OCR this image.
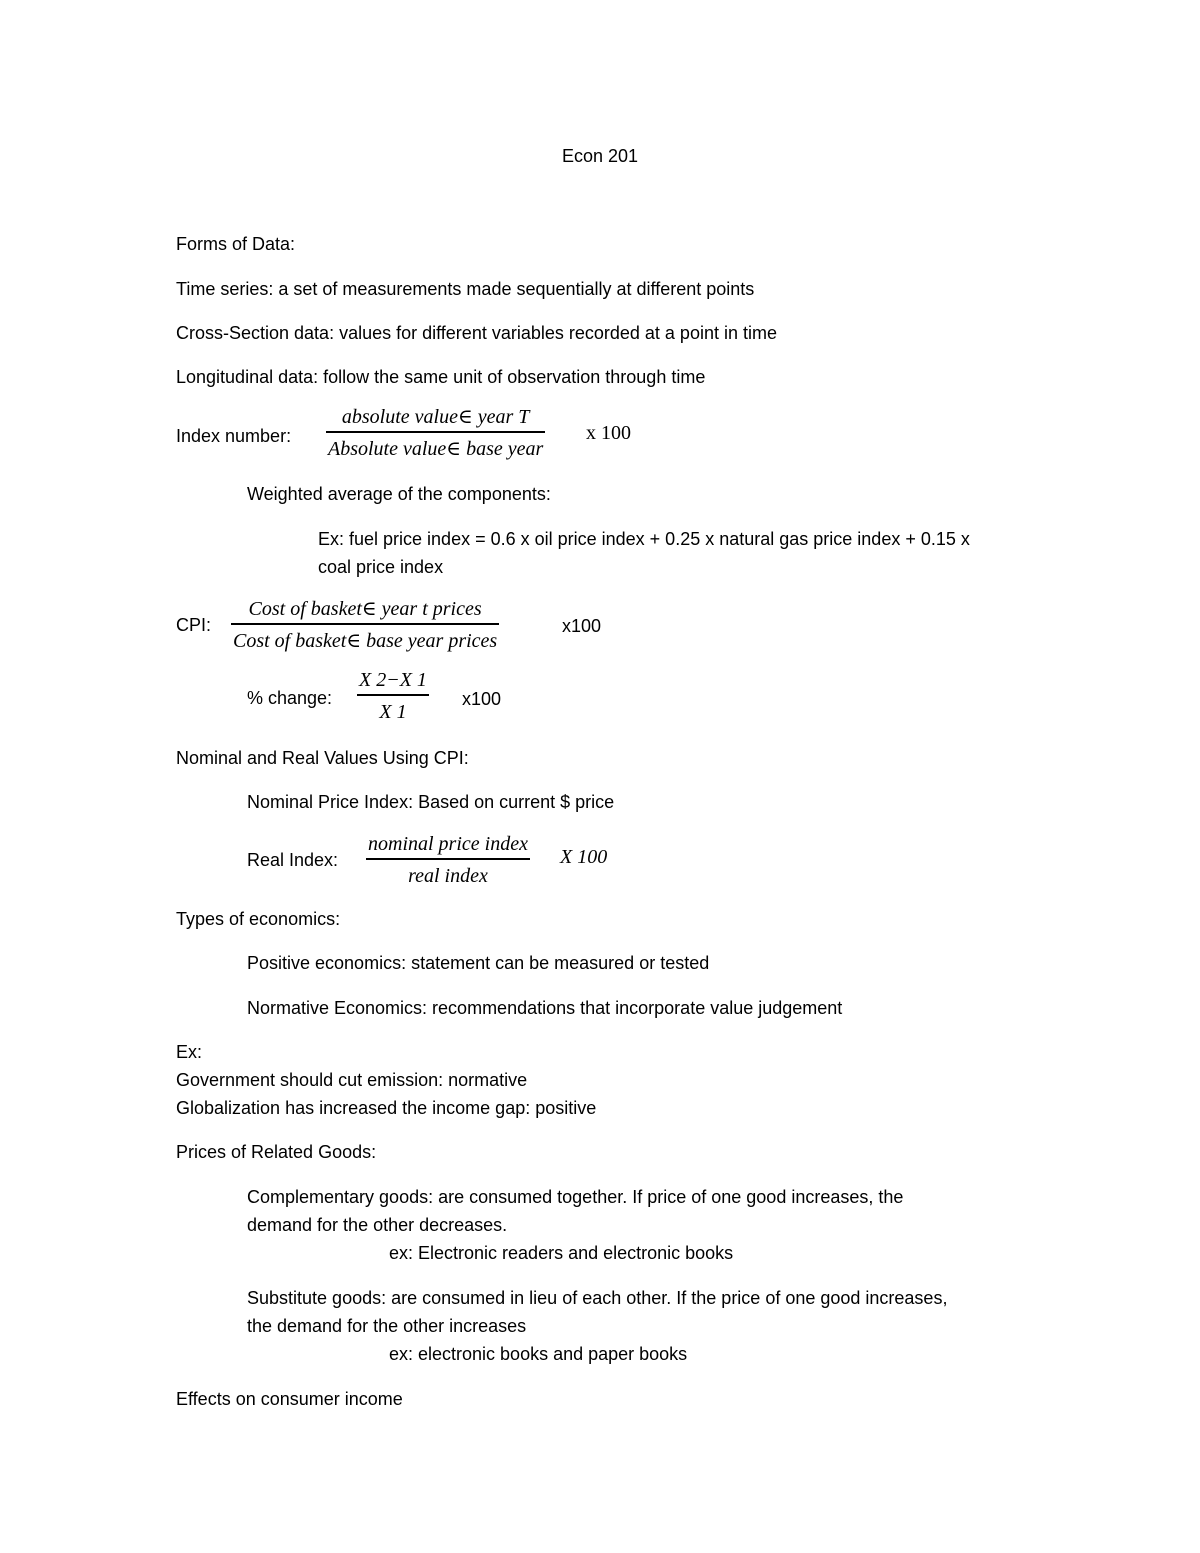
Econ 201
Forms of Data:
Time series: a set of measurements made sequentially at different points
Cross-Section data: values for different variables recorded at a point in time
Longitudinal data: follow the same unit of observation through time
Index number:
absolute value∈ year T
Absolute value∈ base year
x 100
Weighted average of the components:
Ex: fuel price index = 0.6 x oil price index + 0.25 x natural gas price index + 0.15 x
coal price index
CPI:
Cost of basket∈ year t prices
Cost of basket∈ base year prices
x100
% change:
X 2−X 1
X 1
x100
Nominal and Real Values Using CPI:
Nominal Price Index: Based on current $ price
Real Index:
nominal price index
real index
X 100
Types of economics:
Positive economics: statement can be measured or tested
Normative Economics: recommendations that incorporate value judgement
Ex:
Government should cut emission: normative
Globalization has increased the income gap: positive
Prices of Related Goods:
Complementary goods: are consumed together. If price of one good increases, the
demand for the other decreases.
ex: Electronic readers and electronic books
Substitute goods: are consumed in lieu of each other. If the price of one good increases,
the demand for the other increases
ex: electronic books and paper books
Effects on consumer income
